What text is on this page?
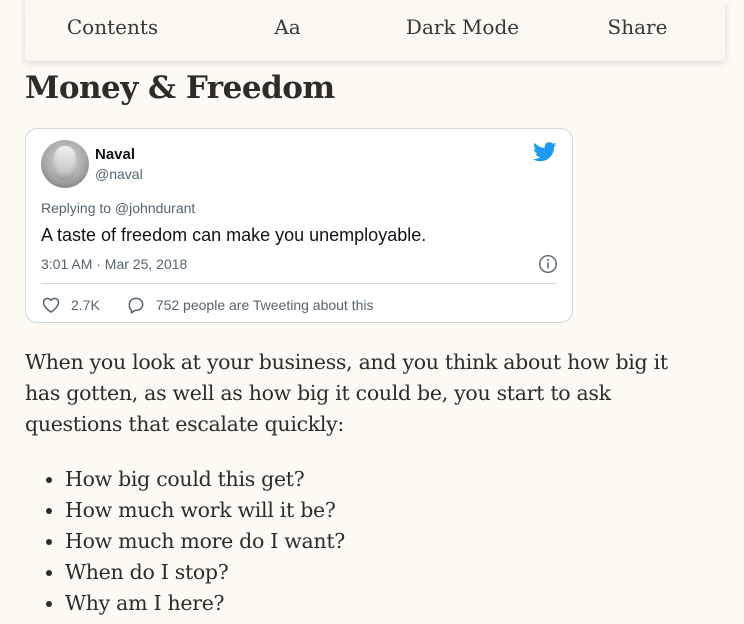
Contents	Aa	Dark Mode	Share
Money & Freedom
Naval
@naval
Replying to @johndurant
A taste of freedom can make you unemployable.
3:01 AM · Mar 25, 2018
2.7K	752 people are Tweeting about this

When you look at your business, and you think about how big it has gotten, as well as how big it could be, you start to ask questions that escalate quickly:

• How big could this get?
• How much work will it be?
• How much more do I want?
• When do I stop?
• Why am I here?
